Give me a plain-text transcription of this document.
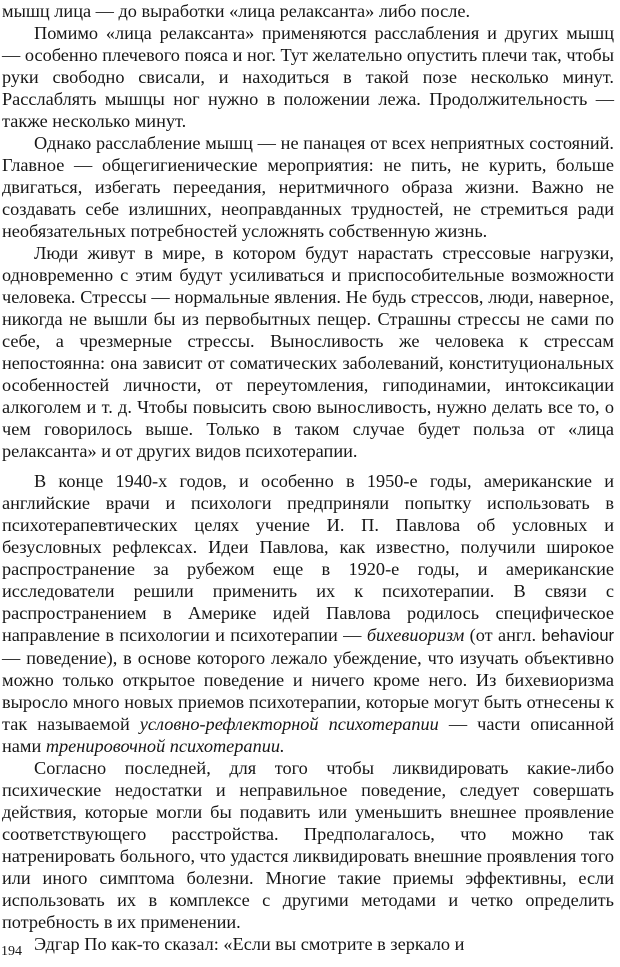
мышц лица — до выработки «лица релаксанта» либо после.

Помимо «лица релаксанта» применяются расслабления и других мышц — особенно плечевого пояса и ног. Тут желательно опустить плечи так, чтобы руки свободно свисали, и находиться в такой позе несколько минут. Расслаблять мышцы ног нужно в положении лежа. Продолжительность — также несколько минут.

Однако расслабление мышц — не панацея от всех неприятных состояний. Главное — общегигиенические мероприятия: не пить, не курить, больше двигаться, избегать переедания, неритмичного образа жизни. Важно не создавать себе излишних, неоправданных трудностей, не стремиться ради необязательных потребностей усложнять собственную жизнь.

Люди живут в мире, в котором будут нарастать стрессовые нагрузки, одновременно с этим будут усиливаться и приспособительные возможности человека. Стрессы — нормальные явления. Не будь стрессов, люди, наверное, никогда не вышли бы из первобытных пещер. Страшны стрессы не сами по себе, а чрезмерные стрессы. Выносливость же человека к стрессам непостоянна: она зависит от соматических заболеваний, конституциональных особенностей личности, от переутомления, гиподинамии, интоксикации алкоголем и т. д. Чтобы повысить свою выносливость, нужно делать все то, о чем говорилось выше. Только в таком случае будет польза от «лица релаксанта» и от других видов психотерапии.

В конце 1940-х годов, и особенно в 1950-е годы, американские и английские врачи и психологи предприняли попытку использовать в психотерапевтических целях учение И. П. Павлова об условных и безусловных рефлексах. Идеи Павлова, как известно, получили широкое распространение за рубежом еще в 1920-е годы, и американские исследователи решили применить их к психотерапии. В связи с распространением в Америке идей Павлова родилось специфическое направление в психологии и психотерапии — бихевиоризм (от англ. behaviour — поведение), в основе которого лежало убеждение, что изучать объективно можно только открытое поведение и ничего кроме него. Из бихевиоризма выросло много новых приемов психотерапии, которые могут быть отнесены к так называемой условно-рефлекторной психотерапии — части описанной нами тренировочной психотерапии.

Согласно последней, для того чтобы ликвидировать какие-либо психические недостатки и неправильное поведение, следует совершать действия, которые могли бы подавить или уменьшить внешнее проявление соответствующего расстройства. Предполагалось, что можно так натренировать больного, что удастся ликвидировать внешние проявления того или иного симптома болезни. Многие такие приемы эффективны, если использовать их в комплексе с другими методами и четко определить потребность в их применении.

Эдгар По как-то сказал: «Если вы смотрите в зеркало и

194
